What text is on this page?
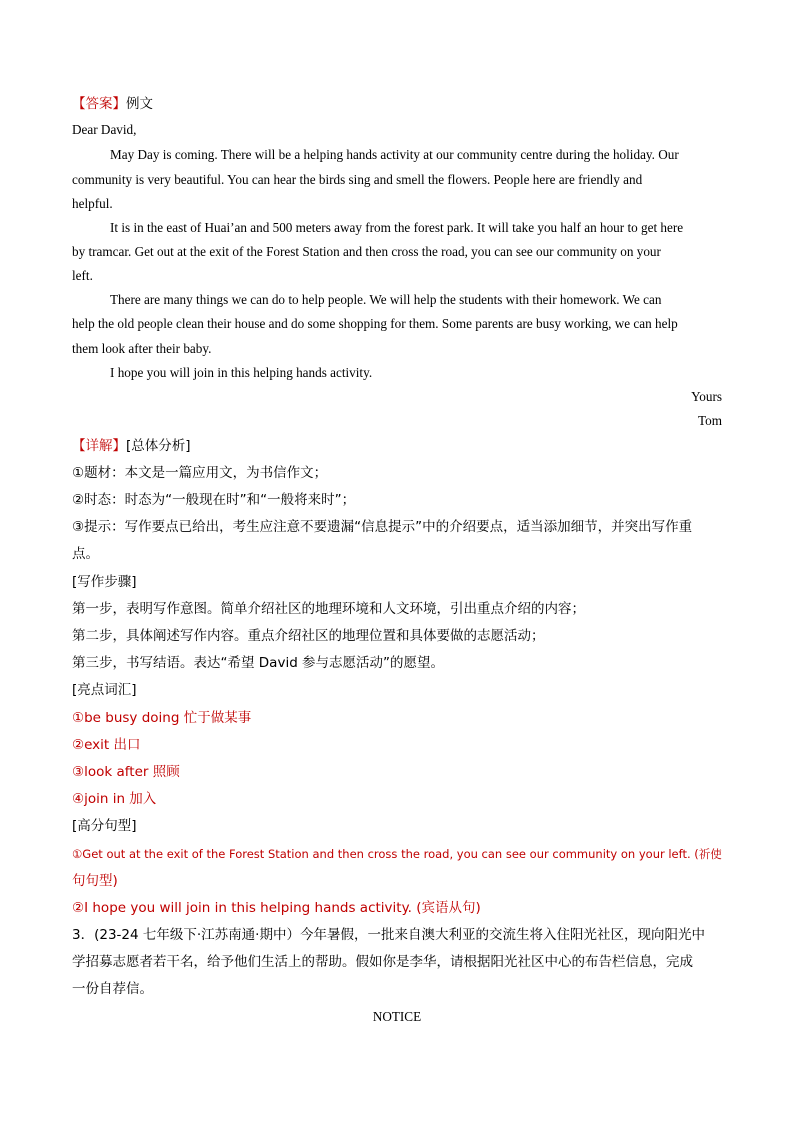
【答案】例文
Dear David,
May Day is coming. There will be a helping hands activity at our community centre during the holiday. Our
community is very beautiful. You can hear the birds sing and smell the flowers. People here are friendly and
helpful.
It is in the east of Huai’an and 500 meters away from the forest park. It will take you half an hour to get here
by tramcar. Get out at the exit of the Forest Station and then cross the road, you can see our community on your
left.
There are many things we can do to help people. We will help the students with their homework. We can
help the old people clean their house and do some shopping for them. Some parents are busy working, we can help
them look after their baby.
I hope you will join in this helping hands activity.
Yours
Tom
【详解】[总体分析]
①题材：本文是一篇应用文，为书信作文；
②时态：时态为“一般现在时”和“一般将来时”；
③提示：写作要点已给出，考生应注意不要遗漏“信息提示”中的介绍要点，适当添加细节，并突出写作重
点。
[写作步骤]
第一步，表明写作意图。简单介绍社区的地理环境和人文环境，引出重点介绍的内容；
第二步，具体阐述写作内容。重点介绍社区的地理位置和具体要做的志愿活动；
第三步，书写结语。表达“希望 David 参与志愿活动”的愿望。
[亮点词汇]
①be busy doing 忙于做某事
②exit 出口
③look after 照顾
④join in 加入
[高分句型]
①Get out at the exit of the Forest Station and then cross the road, you can see our community on your left. (祈使
句句型)
②I hope you will join in this helping hands activity. (宾语从句)
3．(23-24 七年级下·江苏南通·期中）今年暑假，一批来自澳大利亚的交流生将入住阳光社区，现向阳光中
学招募志愿者若干名，给予他们生活上的帮助。假如你是李华，请根据阳光社区中心的布告栏信息，完成
一份自荐信。
NOTICE
